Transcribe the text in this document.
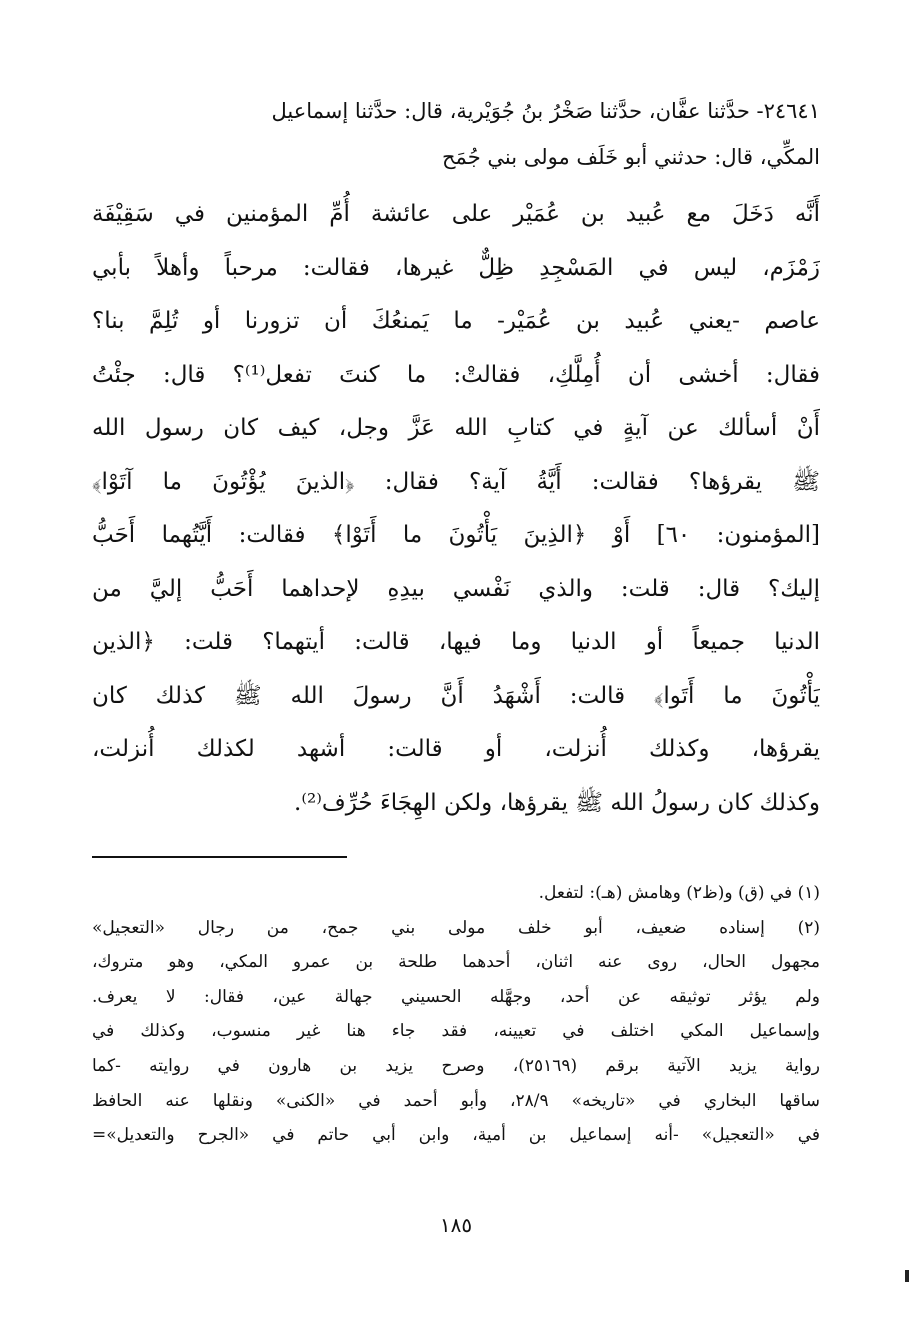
٢٤٦٤١- حدَّثنا عفَّان، حدَّثنا صَخْرُ بنُ جُوَيْرية، قال: حدَّثنا إسماعيل
المكِّي، قال: حدثني أبو خَلَف مولى بني جُمَح
أَنَّه دَخَلَ مع عُبيد بن عُمَيْر على عائشة أُمِّ المؤمنين في سَقِيْفَة
زَمْزَم، ليس في المَسْجِدِ ظِلٌّ غيرها، فقالت: مرحباً وأهلاً بأبي
عاصم -يعني عُبيد بن عُمَيْر- ما يَمنعُكَ أن تزورنا أو تُلِمَّ بنا؟
فقال: أخشى أن أُمِلَّكِ، فقالتْ: ما كنتَ تفعل⁽¹⁾؟ قال: جئْتُ
أَنْ أسألك عن آيةٍ في كتابِ الله عَزَّ وجل، كيف كان رسول الله
ﷺ يقرؤها؟ فقالت: أَيَّةُ آية؟ فقال: ﴿الذينَ يُؤْتُونَ ما آتَوْا﴾
[المؤمنون: ٦٠] أَوْ ﴿الذِينَ يَأْتُونَ ما أَتَوْا﴾ فقالت: أَيَّتُهما أَحَبُّ
إليك؟ قال: قلت: والذي نَفْسي بيدِهِ لإحداهما أَحَبُّ إليَّ من
الدنيا جميعاً أو الدنيا وما فيها، قالت: أيتهما؟ قلت: ﴿الذين
يَأْتُونَ ما أَتَوا﴾ قالت: أَشْهَدُ أَنَّ رسولَ الله ﷺ كذلك كان
يقرؤها، وكذلك أُنزلت، أو قالت: أشهد لكذلك أُنزلت،
وكذلك كان رسولُ الله ﷺ يقرؤها، ولكن الهِجَاءَ حُرِّف⁽²⁾.
(١) في (ق) و(ظ٢) وهامش (هـ): لتفعل.
(٢) إسناده ضعيف، أبو خلف مولى بني جمح، من رجال «التعجيل»
مجهول الحال، روى عنه اثنان، أحدهما طلحة بن عمرو المكي، وهو متروك،
ولم يؤثر توثيقه عن أحد، وجهَّله الحسيني جهالة عين، فقال: لا يعرف.
وإسماعيل المكي اختلف في تعيينه، فقد جاء هنا غير منسوب، وكذلك في
رواية يزيد الآتية برقم (٢٥١٦٩)، وصرح يزيد بن هارون في روايته -كما
ساقها البخاري في «تاريخه» ٢٨/٩، وأبو أحمد في «الكنى» ونقلها عنه الحافظ
في «التعجيل» -أنه إسماعيل بن أمية، وابن أبي حاتم في «الجرح والتعديل»=
١٨٥
